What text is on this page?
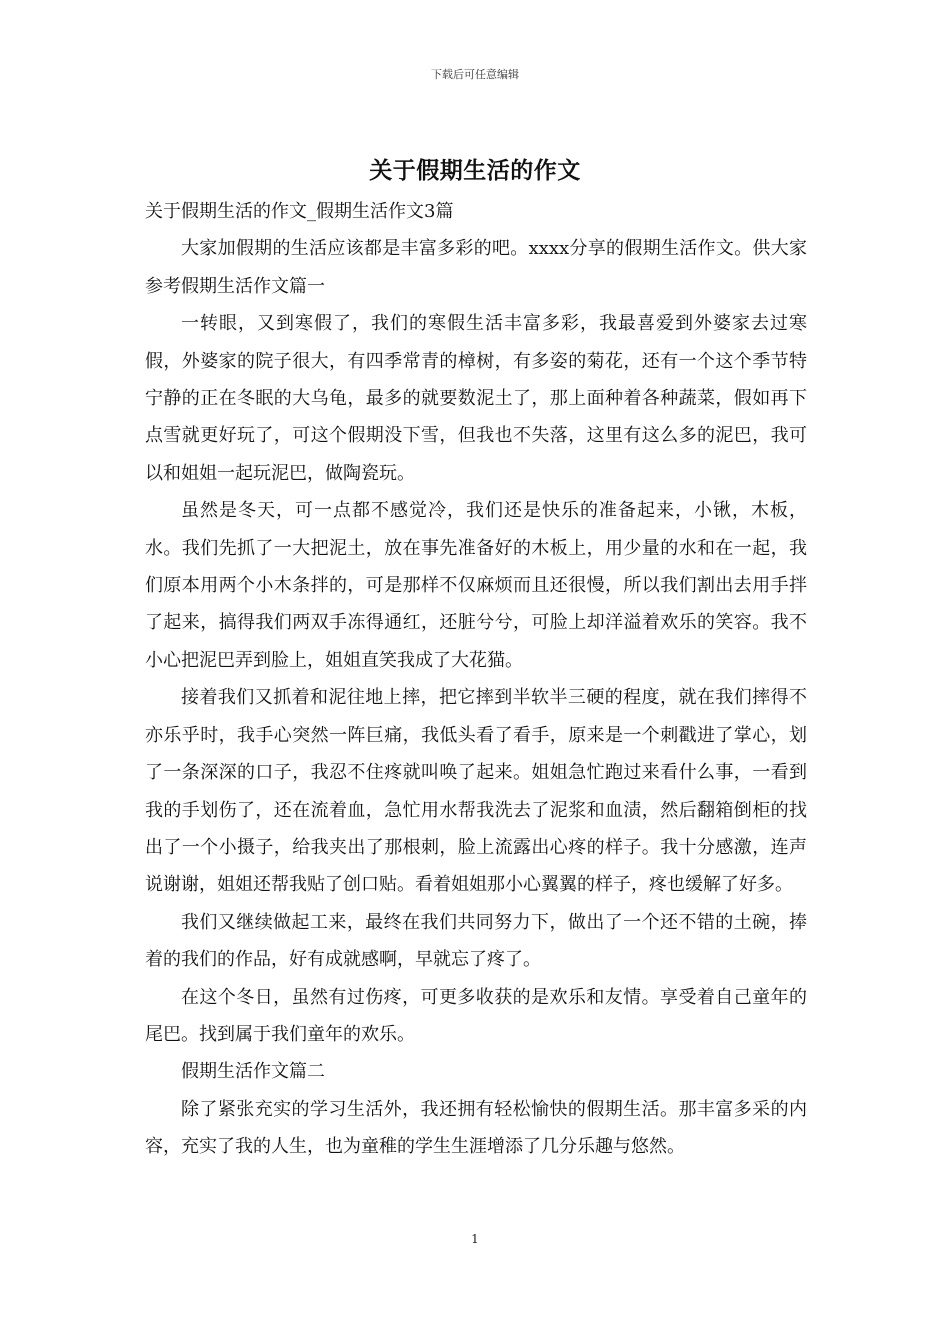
下载后可任意编辑
关于假期生活的作文

关于假期生活的作文_假期生活作文3篇

大家加假期的生活应该都是丰富多彩的吧。xxxx分享的假期生活作文。供大家参考假期生活作文篇一

一转眼，又到寒假了，我们的寒假生活丰富多彩，我最喜爱到外婆家去过寒假，外婆家的院子很大，有四季常青的樟树，有多姿的菊花，还有一个这个季节特宁静的正在冬眠的大乌龟，最多的就要数泥土了，那上面种着各种蔬菜，假如再下点雪就更好玩了，可这个假期没下雪，但我也不失落，这里有这么多的泥巴，我可以和姐姐一起玩泥巴，做陶瓷玩。

虽然是冬天，可一点都不感觉冷，我们还是快乐的准备起来，小锹，木板，水。我们先抓了一大把泥土，放在事先准备好的木板上，用少量的水和在一起，我们原本用两个小木条拌的，可是那样不仅麻烦而且还很慢，所以我们割出去用手拌了起来，搞得我们两双手冻得通红，还脏兮兮，可脸上却洋溢着欢乐的笑容。我不小心把泥巴弄到脸上，姐姐直笑我成了大花猫。

接着我们又抓着和泥往地上摔，把它摔到半软半三硬的程度，就在我们摔得不亦乐乎时，我手心突然一阵巨痛，我低头看了看手，原来是一个刺戳进了掌心，划了一条深深的口子，我忍不住疼就叫唤了起来。姐姐急忙跑过来看什么事，一看到我的手划伤了，还在流着血，急忙用水帮我洗去了泥浆和血渍，然后翻箱倒柜的找出了一个小摄子，给我夹出了那根刺，脸上流露出心疼的样子。我十分感激，连声说谢谢，姐姐还帮我贴了创口贴。看着姐姐那小心翼翼的样子，疼也缓解了好多。

我们又继续做起工来，最终在我们共同努力下，做出了一个还不错的土碗，捧着的我们的作品，好有成就感啊，早就忘了疼了。

在这个冬日，虽然有过伤疼，可更多收获的是欢乐和友情。享受着自己童年的尾巴。找到属于我们童年的欢乐。

假期生活作文篇二

除了紧张充实的学习生活外，我还拥有轻松愉快的假期生活。那丰富多采的内容，充实了我的人生，也为童稚的学生生涯增添了几分乐趣与悠然。

1
